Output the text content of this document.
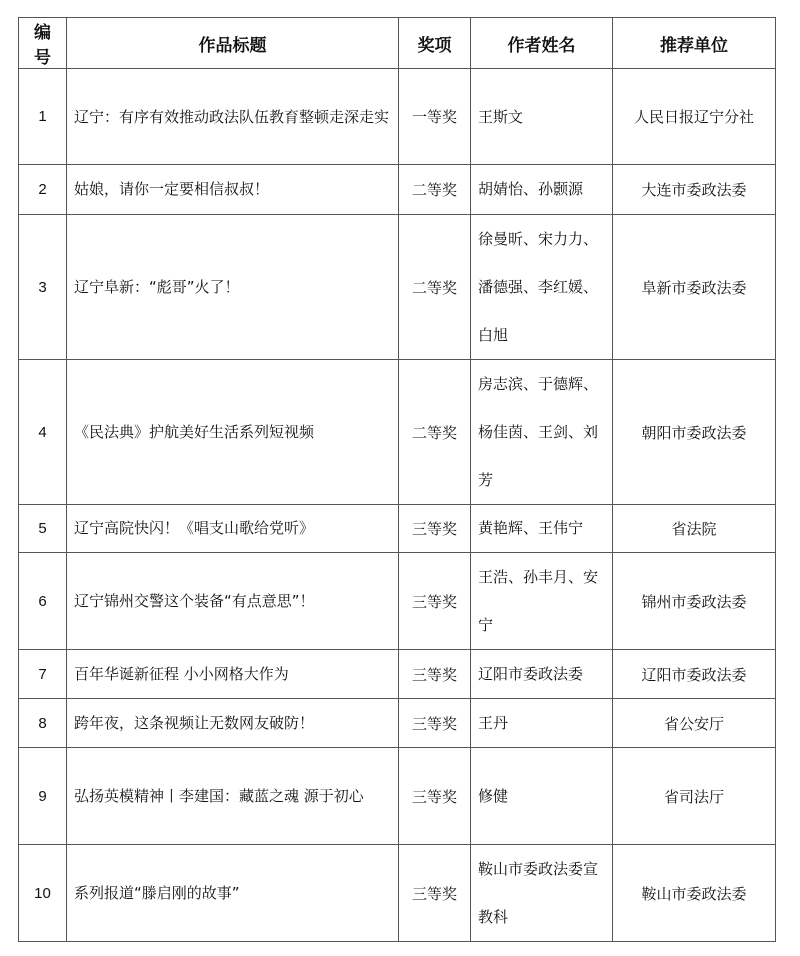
编号	作品标题	奖项	作者姓名	推荐单位
1	辽宁：有序有效推动政法队伍教育整顿走深走实	一等奖	王斯文	人民日报辽宁分社
2	姑娘，请你一定要相信叔叔！	二等奖	胡婧怡、孙颢源	大连市委政法委
3	辽宁阜新：“彪哥”火了！	二等奖	徐曼昕、宋力力、潘德强、李红媛、白旭	阜新市委政法委
4	《民法典》护航美好生活系列短视频	二等奖	房志滨、于德辉、杨佳茵、王剑、刘芳	朝阳市委政法委
5	辽宁高院快闪！《唱支山歌给党听》	三等奖	黄艳辉、王伟宁	省法院
6	辽宁锦州交警这个装备“有点意思”！	三等奖	王浩、孙丰月、安宁	锦州市委政法委
7	百年华诞新征程 小小网格大作为	三等奖	辽阳市委政法委	辽阳市委政法委
8	跨年夜，这条视频让无数网友破防！	三等奖	王丹	省公安厅
9	弘扬英模精神丨李建国：藏蓝之魂 源于初心	三等奖	修健	省司法厅
10	系列报道“滕启刚的故事”	三等奖	鞍山市委政法委宣教科	鞍山市委政法委
